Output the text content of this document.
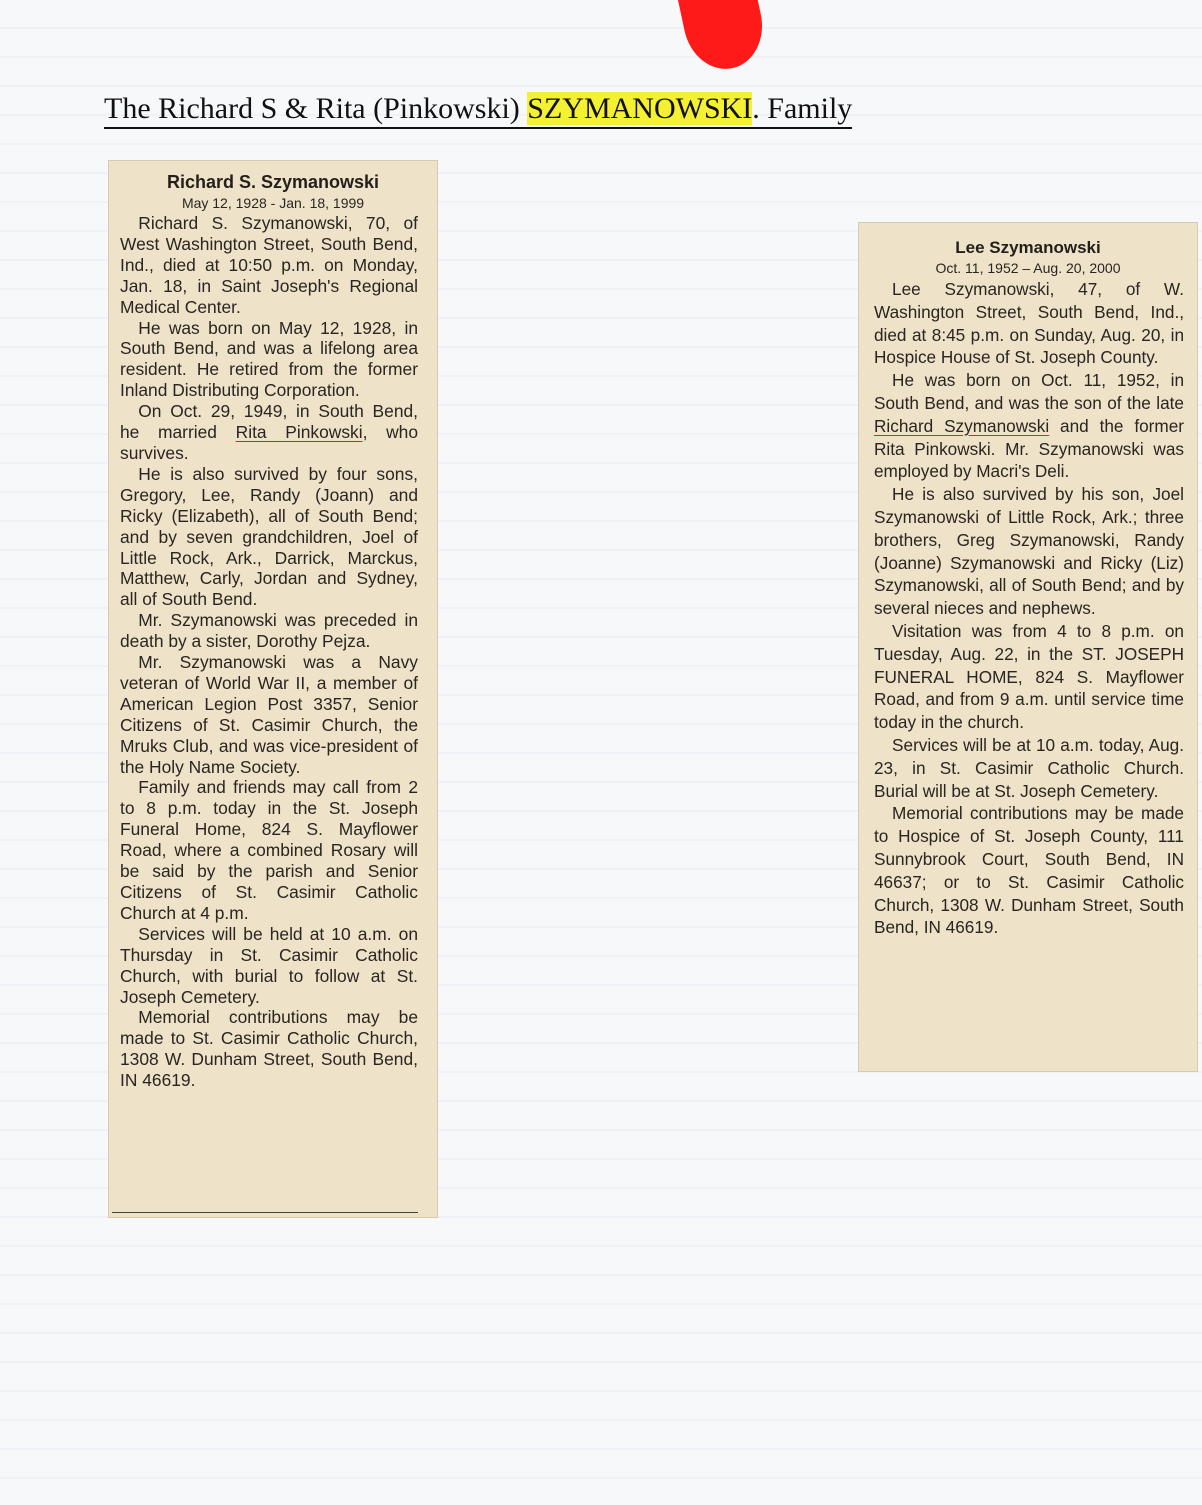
The Richard S & Rita (Pinkowski) SZYMANOWSKI. Family
Richard S. Szymanowski
May 12, 1928 - Jan. 18, 1999

Richard S. Szymanowski, 70, of West Washington Street, South Bend, Ind., died at 10:50 p.m. on Monday, Jan. 18, in Saint Joseph's Regional Medical Center.

He was born on May 12, 1928, in South Bend, and was a lifelong area resident. He retired from the former Inland Distributing Corporation.

On Oct. 29, 1949, in South Bend, he married Rita Pinkowski, who survives.

He is also survived by four sons, Gregory, Lee, Randy (Joann) and Ricky (Elizabeth), all of South Bend; and by seven grandchildren, Joel of Little Rock, Ark., Darrick, Marckus, Matthew, Carly, Jordan and Sydney, all of South Bend.

Mr. Szymanowski was preceded in death by a sister, Dorothy Pejza.

Mr. Szymanowski was a Navy veteran of World War II, a member of American Legion Post 3357, Senior Citizens of St. Casimir Church, the Mruks Club, and was vice-president of the Holy Name Society.

Family and friends may call from 2 to 8 p.m. today in the St. Joseph Funeral Home, 824 S. Mayflower Road, where a combined Rosary will be said by the parish and Senior Citizens of St. Casimir Catholic Church at 4 p.m.

Services will be held at 10 a.m. on Thursday in St. Casimir Catholic Church, with burial to follow at St. Joseph Cemetery.

Memorial contributions may be made to St. Casimir Catholic Church, 1308 W. Dunham Street, South Bend, IN 46619.

Lee Szymanowski
Oct. 11, 1952 – Aug. 20, 2000

Lee Szymanowski, 47, of W. Washington Street, South Bend, Ind., died at 8:45 p.m. on Sunday, Aug. 20, in Hospice House of St. Joseph County.

He was born on Oct. 11, 1952, in South Bend, and was the son of the late Richard Szymanowski and the former Rita Pinkowski. Mr. Szymanowski was employed by Macri's Deli.

He is also survived by his son, Joel Szymanowski of Little Rock, Ark.; three brothers, Greg Szymanowski, Randy (Joanne) Szymanowski and Ricky (Liz) Szymanowski, all of South Bend; and by several nieces and nephews.

Visitation was from 4 to 8 p.m. on Tuesday, Aug. 22, in the ST. JOSEPH FUNERAL HOME, 824 S. Mayflower Road, and from 9 a.m. until service time today in the church.

Services will be at 10 a.m. today, Aug. 23, in St. Casimir Catholic Church. Burial will be at St. Joseph Cemetery.

Memorial contributions may be made to Hospice of St. Joseph County, 111 Sunnybrook Court, South Bend, IN 46637; or to St. Casimir Catholic Church, 1308 W. Dunham Street, South Bend, IN 46619.
